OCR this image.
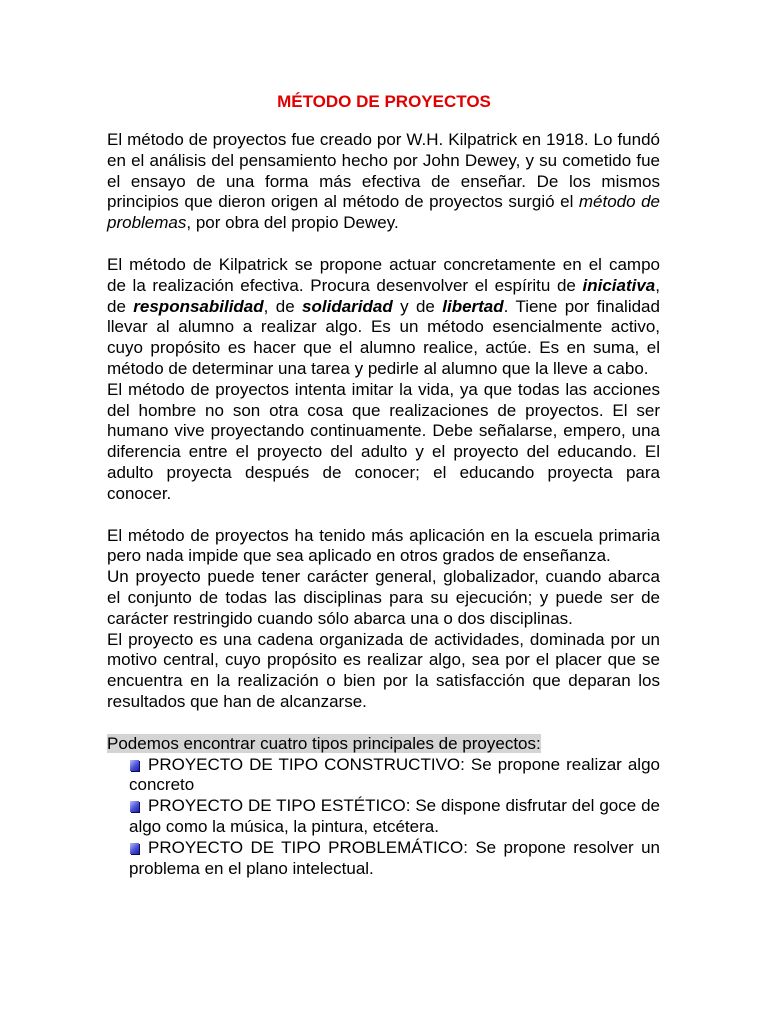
MÉTODO DE PROYECTOS

El método de proyectos fue creado por W.H. Kilpatrick en 1918. Lo fundó en el análisis del pensamiento hecho por John Dewey, y su cometido fue el ensayo de una forma más efectiva de enseñar. De los mismos principios que dieron origen al método de proyectos surgió el método de problemas, por obra del propio Dewey.

El método de Kilpatrick se propone actuar concretamente en el campo de la realización efectiva. Procura desenvolver el espíritu de iniciativa, de responsabilidad, de solidaridad y de libertad. Tiene por finalidad llevar al alumno a realizar algo. Es un método esencialmente activo, cuyo propósito es hacer que el alumno realice, actúe. Es en suma, el método de determinar una tarea y pedirle al alumno que la lleve a cabo.

El método de proyectos intenta imitar la vida, ya que todas las acciones del hombre no son otra cosa que realizaciones de proyectos. El ser humano vive proyectando continuamente. Debe señalarse, empero, una diferencia entre el proyecto del adulto y el proyecto del educando. El adulto proyecta después de conocer; el educando proyecta para conocer.

El método de proyectos ha tenido más aplicación en la escuela primaria pero nada impide que sea aplicado en otros grados de enseñanza.

Un proyecto puede tener carácter general, globalizador, cuando abarca el conjunto de todas las disciplinas para su ejecución; y puede ser de carácter restringido cuando sólo abarca una o dos disciplinas.

El proyecto es una cadena organizada de actividades, dominada por un motivo central, cuyo propósito es realizar algo, sea por el placer que se encuentra en la realización o bien por la satisfacción que deparan los resultados que han de alcanzarse.

Podemos encontrar cuatro tipos principales de proyectos:

PROYECTO DE TIPO CONSTRUCTIVO: Se propone realizar algo concreto
PROYECTO DE TIPO ESTÉTICO: Se dispone disfrutar del goce de algo como la música, la pintura, etcétera.
PROYECTO DE TIPO PROBLEMÁTICO: Se propone resolver un problema en el plano intelectual.
